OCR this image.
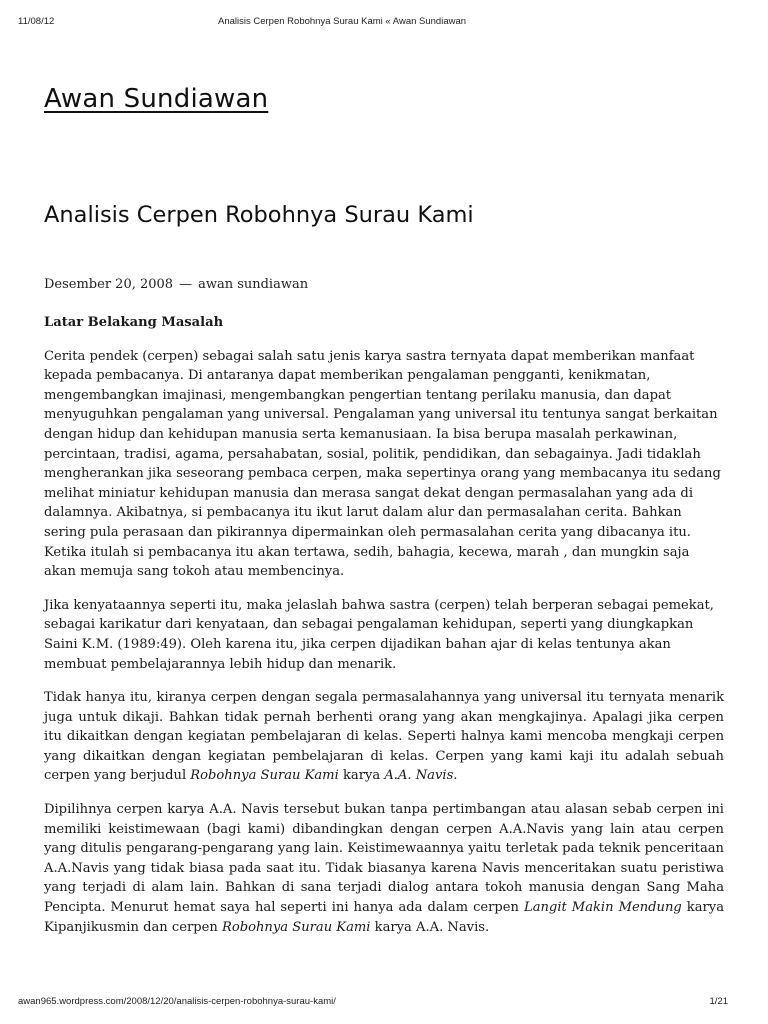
11/08/12	Analisis Cerpen Robohnya Surau Kami « Awan Sundiawan
Awan Sundiawan
Analisis Cerpen Robohnya Surau Kami
Desember 20, 2008 — awan sundiawan
Latar Belakang Masalah

Cerita pendek (cerpen) sebagai salah satu jenis karya sastra ternyata dapat memberikan manfaat kepada pembacanya. Di antaranya dapat memberikan pengalaman pengganti, kenikmatan, mengembangkan imajinasi, mengembangkan pengertian tentang perilaku manusia, dan dapat menyuguhkan pengalaman yang universal. Pengalaman yang universal itu tentunya sangat berkaitan dengan hidup dan kehidupan manusia serta kemanusiaan. Ia bisa berupa masalah perkawinan, percintaan, tradisi, agama, persahabatan, sosial, politik, pendidikan, dan sebagainya. Jadi tidaklah mengherankan jika seseorang pembaca cerpen, maka sepertinya orang yang membacanya itu sedang melihat miniatur kehidupan manusia dan merasa sangat dekat dengan permasalahan yang ada di dalamnya. Akibatnya, si pembacanya itu ikut larut dalam alur dan permasalahan cerita. Bahkan sering pula perasaan dan pikirannya dipermainkan oleh permasalahan cerita yang dibacanya itu. Ketika itulah si pembacanya itu akan tertawa, sedih, bahagia, kecewa, marah , dan mungkin saja akan memuja sang tokoh atau membencinya.

Jika kenyataannya seperti itu, maka jelaslah bahwa sastra (cerpen) telah berperan sebagai pemekat, sebagai karikatur dari kenyataan, dan sebagai pengalaman kehidupan, seperti yang diungkapkan Saini K.M. (1989:49). Oleh karena itu, jika cerpen dijadikan bahan ajar di kelas tentunya akan membuat pembelajarannya lebih hidup dan menarik.

Tidak hanya itu, kiranya cerpen dengan segala permasalahannya yang universal itu ternyata menarik juga untuk dikaji. Bahkan tidak pernah berhenti orang yang akan mengkajinya. Apalagi jika cerpen itu dikaitkan dengan kegiatan pembelajaran di kelas. Seperti halnya kami mencoba mengkaji cerpen yang dikaitkan dengan kegiatan pembelajaran di kelas. Cerpen yang kami kaji itu adalah sebuah cerpen yang berjudul Robohnya Surau Kami karya A.A. Navis.

Dipilihnya cerpen karya A.A. Navis tersebut bukan tanpa pertimbangan atau alasan sebab cerpen ini memiliki keistimewaan (bagi kami) dibandingkan dengan cerpen A.A.Navis yang lain atau cerpen yang ditulis pengarang-pengarang yang lain. Keistimewaannya yaitu terletak pada teknik penceritaan A.A.Navis yang tidak biasa pada saat itu. Tidak biasanya karena Navis menceritakan suatu peristiwa yang terjadi di alam lain. Bahkan di sana terjadi dialog antara tokoh manusia dengan Sang Maha Pencipta. Menurut hemat saya hal seperti ini hanya ada dalam cerpen Langit Makin Mendung karya Kipanjikusmin dan cerpen Robohnya Surau Kami karya A.A. Navis.

awan965.wordpress.com/2008/12/20/analisis-cerpen-robohnya-surau-kami/	1/21
